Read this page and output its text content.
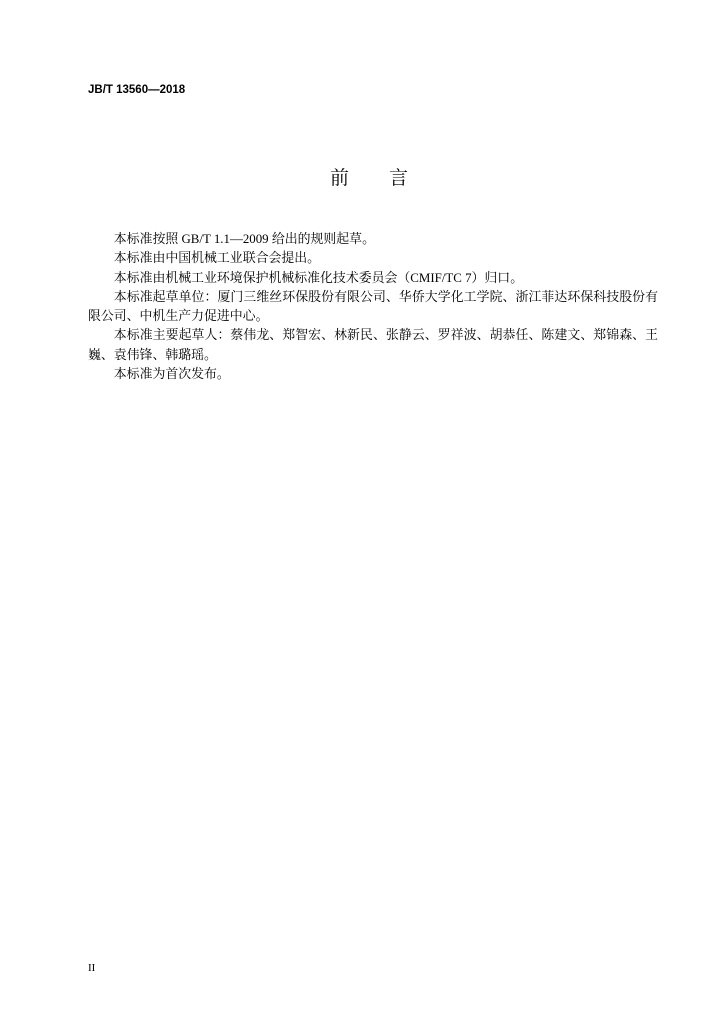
JB/T 13560—2018
前言

本标准按照 GB/T 1.1—2009 给出的规则起草。

本标准由中国机械工业联合会提出。

本标准由机械工业环境保护机械标准化技术委员会（CMIF/TC 7）归口。

本标准起草单位：厦门三维丝环保股份有限公司、华侨大学化工学院、浙江菲达环保科技股份有限公司、中机生产力促进中心。

本标准主要起草人：蔡伟龙、郑智宏、林新民、张静云、罗祥波、胡恭任、陈建文、郑锦森、王巍、袁伟锋、韩璐瑶。

本标准为首次发布。

II
